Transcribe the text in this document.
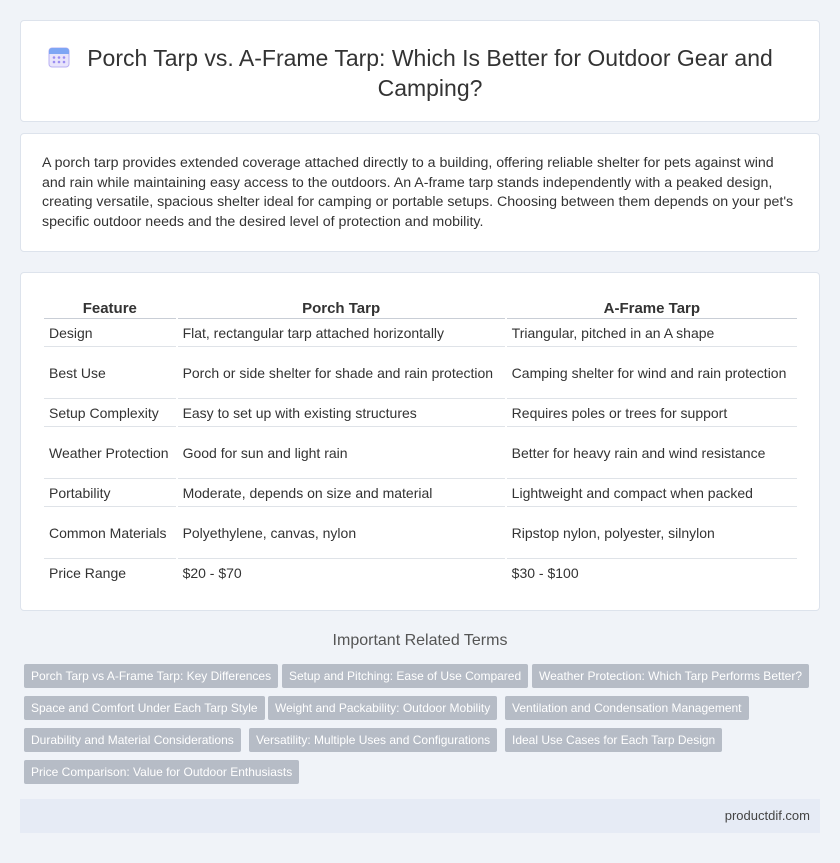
Porch Tarp vs. A-Frame Tarp: Which Is Better for Outdoor Gear and Camping?

A porch tarp provides extended coverage attached directly to a building, offering reliable shelter for pets against wind and rain while maintaining easy access to the outdoors. An A-frame tarp stands independently with a peaked design, creating versatile, spacious shelter ideal for camping or portable setups. Choosing between them depends on your pet's specific outdoor needs and the desired level of protection and mobility.

Feature	Porch Tarp	A-Frame Tarp
Design	Flat, rectangular tarp attached horizontally	Triangular, pitched in an A shape
Best Use	Porch or side shelter for shade and rain protection	Camping shelter for wind and rain protection
Setup Complexity	Easy to set up with existing structures	Requires poles or trees for support
Weather Protection	Good for sun and light rain	Better for heavy rain and wind resistance
Portability	Moderate, depends on size and material	Lightweight and compact when packed
Common Materials	Polyethylene, canvas, nylon	Ripstop nylon, polyester, silnylon
Price Range	$20 - $70	$30 - $100
Important Related Terms
Porch Tarp vs A-Frame Tarp: Key Differences	Setup and Pitching: Ease of Use Compared	Weather Protection: Which Tarp Performs Better?
Space and Comfort Under Each Tarp Style	Weight and Packability: Outdoor Mobility	Ventilation and Condensation Management
Durability and Material Considerations	Versatility: Multiple Uses and Configurations	Ideal Use Cases for Each Tarp Design
Price Comparison: Value for Outdoor Enthusiasts
productdif.com
